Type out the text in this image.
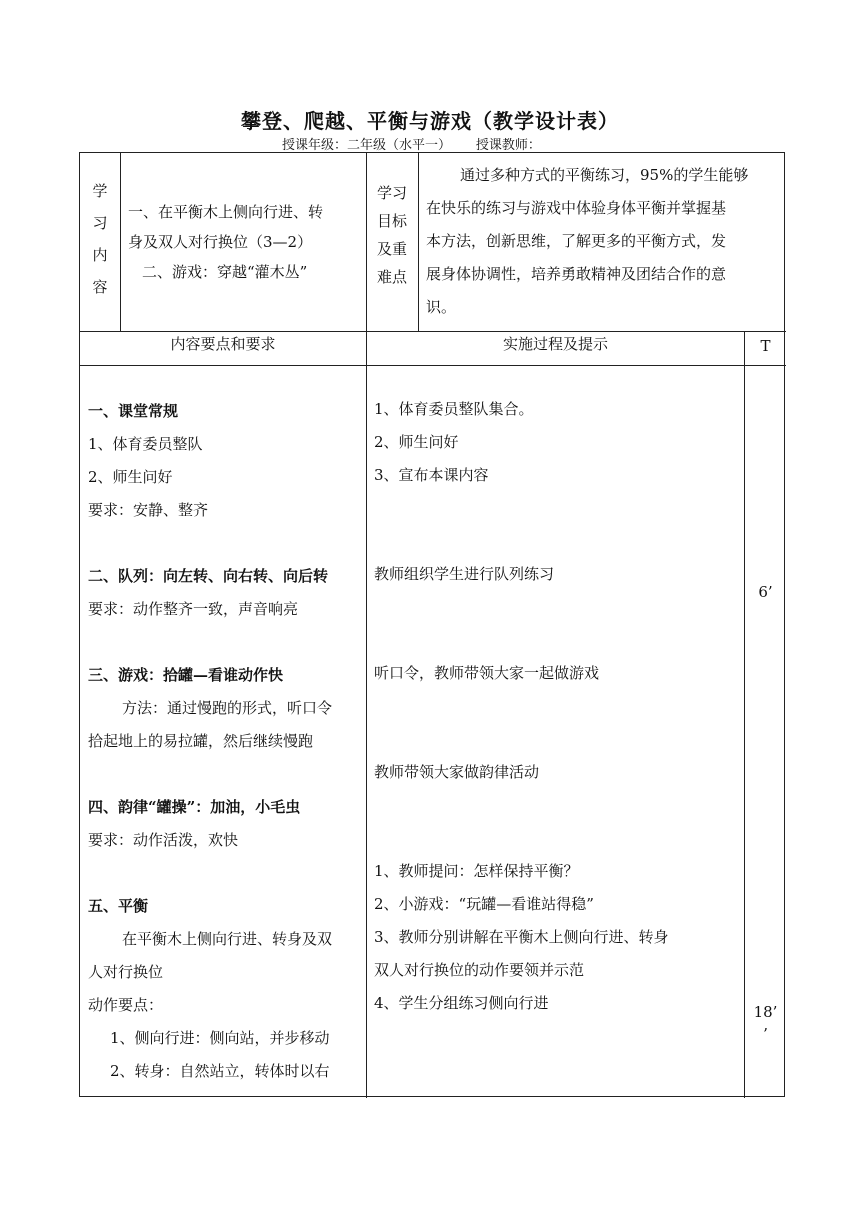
攀登、爬越、平衡与游戏（教学设计表）
授课年级：二年级（水平一） 授课教师：
学
习
内
容
一、在平衡木上侧向行进、转
身及双人对行换位（3—2）
二、游戏：穿越“灌木丛”
学习
目标
及重
难点
通过多种方式的平衡练习，95%的学生能够
在快乐的练习与游戏中体验身体平衡并掌握基
本方法，创新思维，了解更多的平衡方式，发
展身体协调性，培养勇敢精神及团结合作的意
识。
内容要点和要求	实施过程及提示	T

一、课堂常规

1、体育委员整队

2、师生问好

要求：安静、整齐

二、队列：向左转、向右转、向后转

要求：动作整齐一致，声音响亮

三、游戏：拾罐—看谁动作快

方法：通过慢跑的形式，听口令

拾起地上的易拉罐，然后继续慢跑

四、韵律“罐操”：加油，小毛虫

要求：动作活泼，欢快

五、平衡

在平衡木上侧向行进、转身及双

人对行换位

动作要点：

1、侧向行进：侧向站，并步移动

2、转身：自然站立，转体时以右

1、体育委员整队集合。

2、师生问好

3、宣布本课内容

教师组织学生进行队列练习

听口令，教师带领大家一起做游戏

教师带领大家做韵律活动

1、教师提问：怎样保持平衡？

2、小游戏：“玩罐—看谁站得稳”

3、教师分别讲解在平衡木上侧向行进、转身

双人对行换位的动作要领并示范

4、学生分组练习侧向行进

6’
18’
’
